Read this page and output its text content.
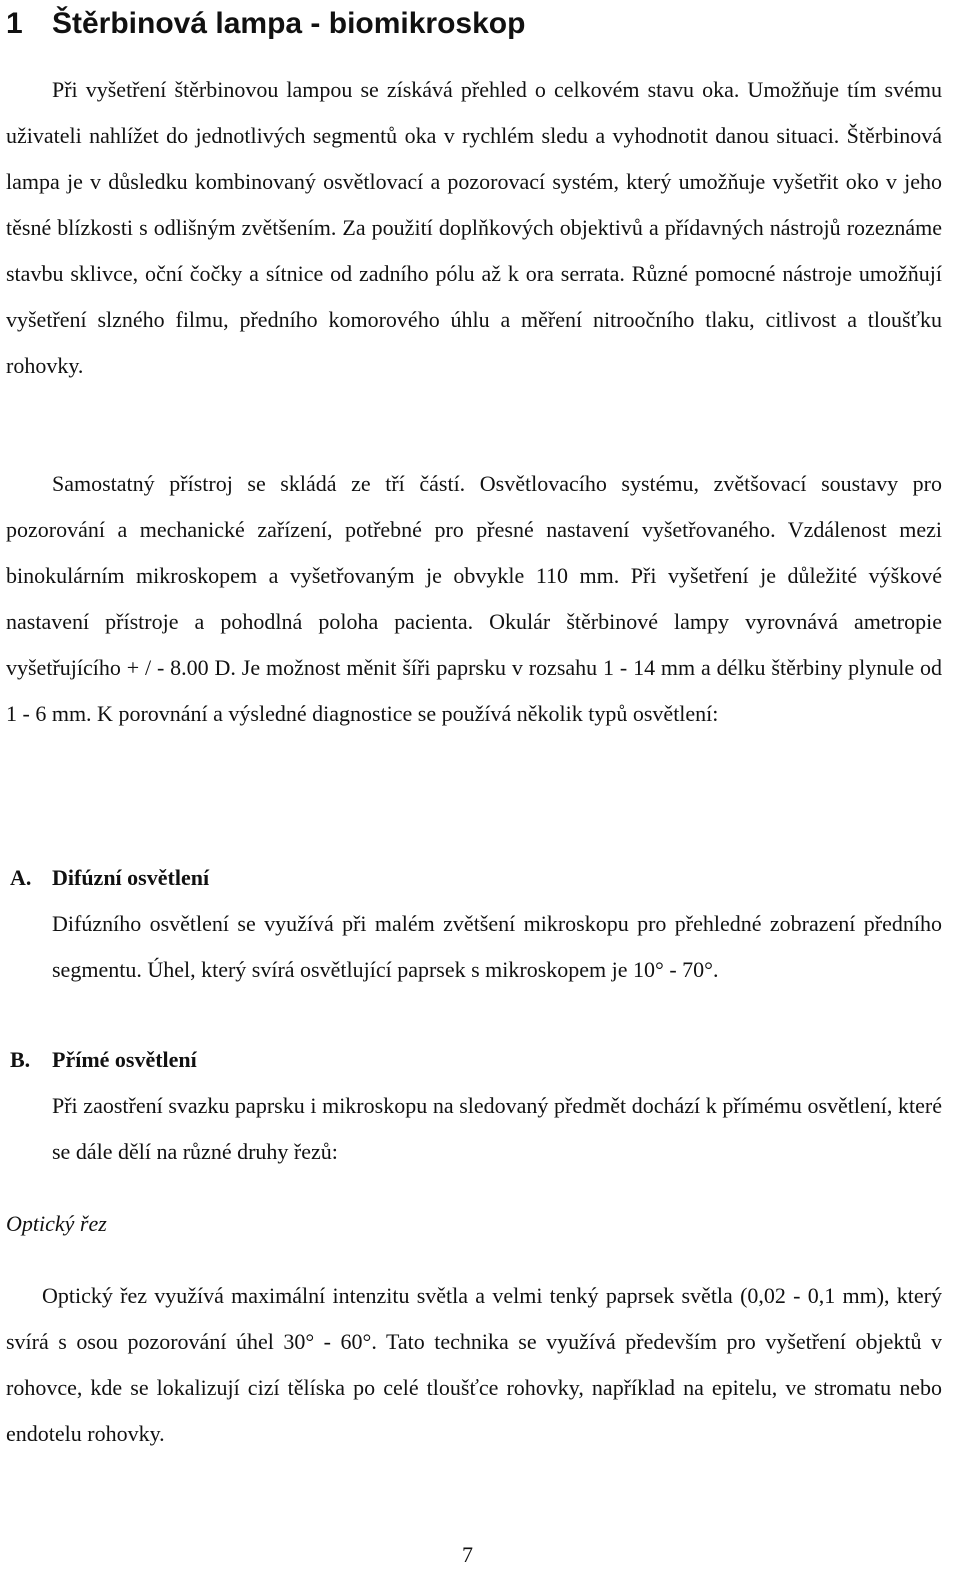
1 Štěrbinová lampa - biomikroskop

Při vyšetření štěrbinovou lampou se získává přehled o celkovém stavu oka. Umožňuje tím svému uživateli nahlížet do jednotlivých segmentů oka v rychlém sledu a vyhodnotit danou situaci. Štěrbinová lampa je v důsledku kombinovaný osvětlovací a pozorovací systém, který umožňuje vyšetřit oko v jeho těsné blízkosti s odlišným zvětšením. Za použití doplňkových objektivů a přídavných nástrojů rozeznáme stavbu sklivce, oční čočky a sítnice od zadního pólu až k ora serrata. Různé pomocné nástroje umožňují vyšetření slzného filmu, předního komorového úhlu a měření nitroočního tlaku, citlivost a tloušťku rohovky.

Samostatný přístroj se skládá ze tří částí. Osvětlovacího systému, zvětšovací soustavy pro pozorování a mechanické zařízení, potřebné pro přesné nastavení vyšetřovaného. Vzdálenost mezi binokulárním mikroskopem a vyšetřovaným je obvykle 110 mm. Při vyšetření je důležité výškové nastavení přístroje a pohodlná poloha pacienta. Okulár štěrbinové lampy vyrovnává ametropie vyšetřujícího + / - 8.00 D. Je možnost měnit šíři paprsku v rozsahu 1 - 14 mm a délku štěrbiny plynule od 1 - 6 mm. K porovnání a výsledné diagnostice se používá několik typů osvětlení:

A. Difúzní osvětlení

Difúzního osvětlení se využívá při malém zvětšení mikroskopu pro přehledné zobrazení předního segmentu. Úhel, který svírá osvětlující paprsek s mikroskopem je 10° - 70°.

B. Přímé osvětlení

Při zaostření svazku paprsku i mikroskopu na sledovaný předmět dochází k přímému osvětlení, které se dále dělí na různé druhy řezů:

Optický řez

Optický řez využívá maximální intenzitu světla a velmi tenký paprsek světla (0,02 - 0,1 mm), který svírá s osou pozorování úhel 30° - 60°. Tato technika se využívá především pro vyšetření objektů v rohovce, kde se lokalizují cizí tělíska po celé tloušťce rohovky, například na epitelu, ve stromatu nebo endotelu rohovky.

7
